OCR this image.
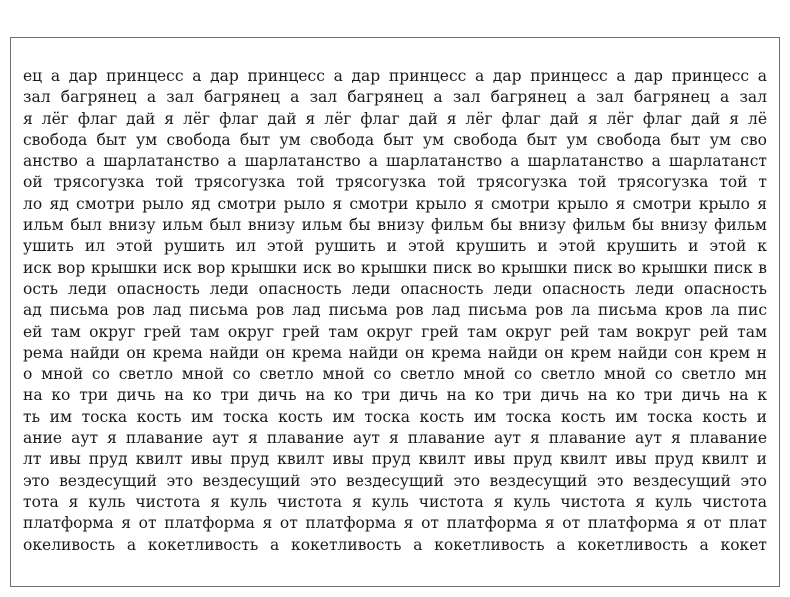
ец а дар принцесс а дар принцесс а дар принцесс а дар принцесс а дар принцесс а
зал багрянец а зал багрянец а зал багрянец а зал багрянец а зал багрянец а зал
я лёг флаг дай я лёг флаг дай я лёг флаг дай я лёг флаг дай я лёг флаг дай я лё
свобода быт ум свобода быт ум свобода быт ум свобода быт ум свобода быт ум сво
анство а шарлатанство а шарлатанство а шарлатанство а шарлатанство а шарлатанст
ой трясогузка той трясогузка той трясогузка той трясогузка той трясогузка той т
ло яд смотри рыло яд смотри рыло я смотри крыло я смотри крыло я смотри крыло я
ильм был внизу ильм был внизу ильм бы внизу фильм бы внизу фильм бы внизу фильм
ушить ил этой рушить ил этой рушить и этой крушить и этой крушить и этой к
иск вор крышки иск вор крышки иск во крышки писк во крышки писк во крышки писк в
ость леди опасность леди опасность леди опасность леди опасность леди опасность
ад письма ров лад письма ров лад письма ров лад письма ров ла письма кров ла пис
ей там округ грей там округ грей там округ грей там округ рей там вокруг рей там
рема найди он крема найди он крема найди он крема найди он крем найди сон крем н
о мной со светло мной со светло мной со светло мной со светло мной со светло мн
на ко три дичь на ко три дичь на ко три дичь на ко три дичь на ко три дичь на к
ть им тоска кость им тоска кость им тоска кость им тоска кость им тоска кость и
ание аут я плавание аут я плавание аут я плавание аут я плавание аут я плавание
лт ивы пруд квилт ивы пруд квилт ивы пруд квилт ивы пруд квилт ивы пруд квилт и
это вездесущий это вездесущий это вездесущий это вездесущий это вездесущий это
тота я куль чистота я куль чистота я куль чистота я куль чистота я куль чистота
платформа я от платформа я от платформа я от платформа я от платформа я от плат
океливость а кокетливость а кокетливость а кокетливость а кокетливость а кокет
